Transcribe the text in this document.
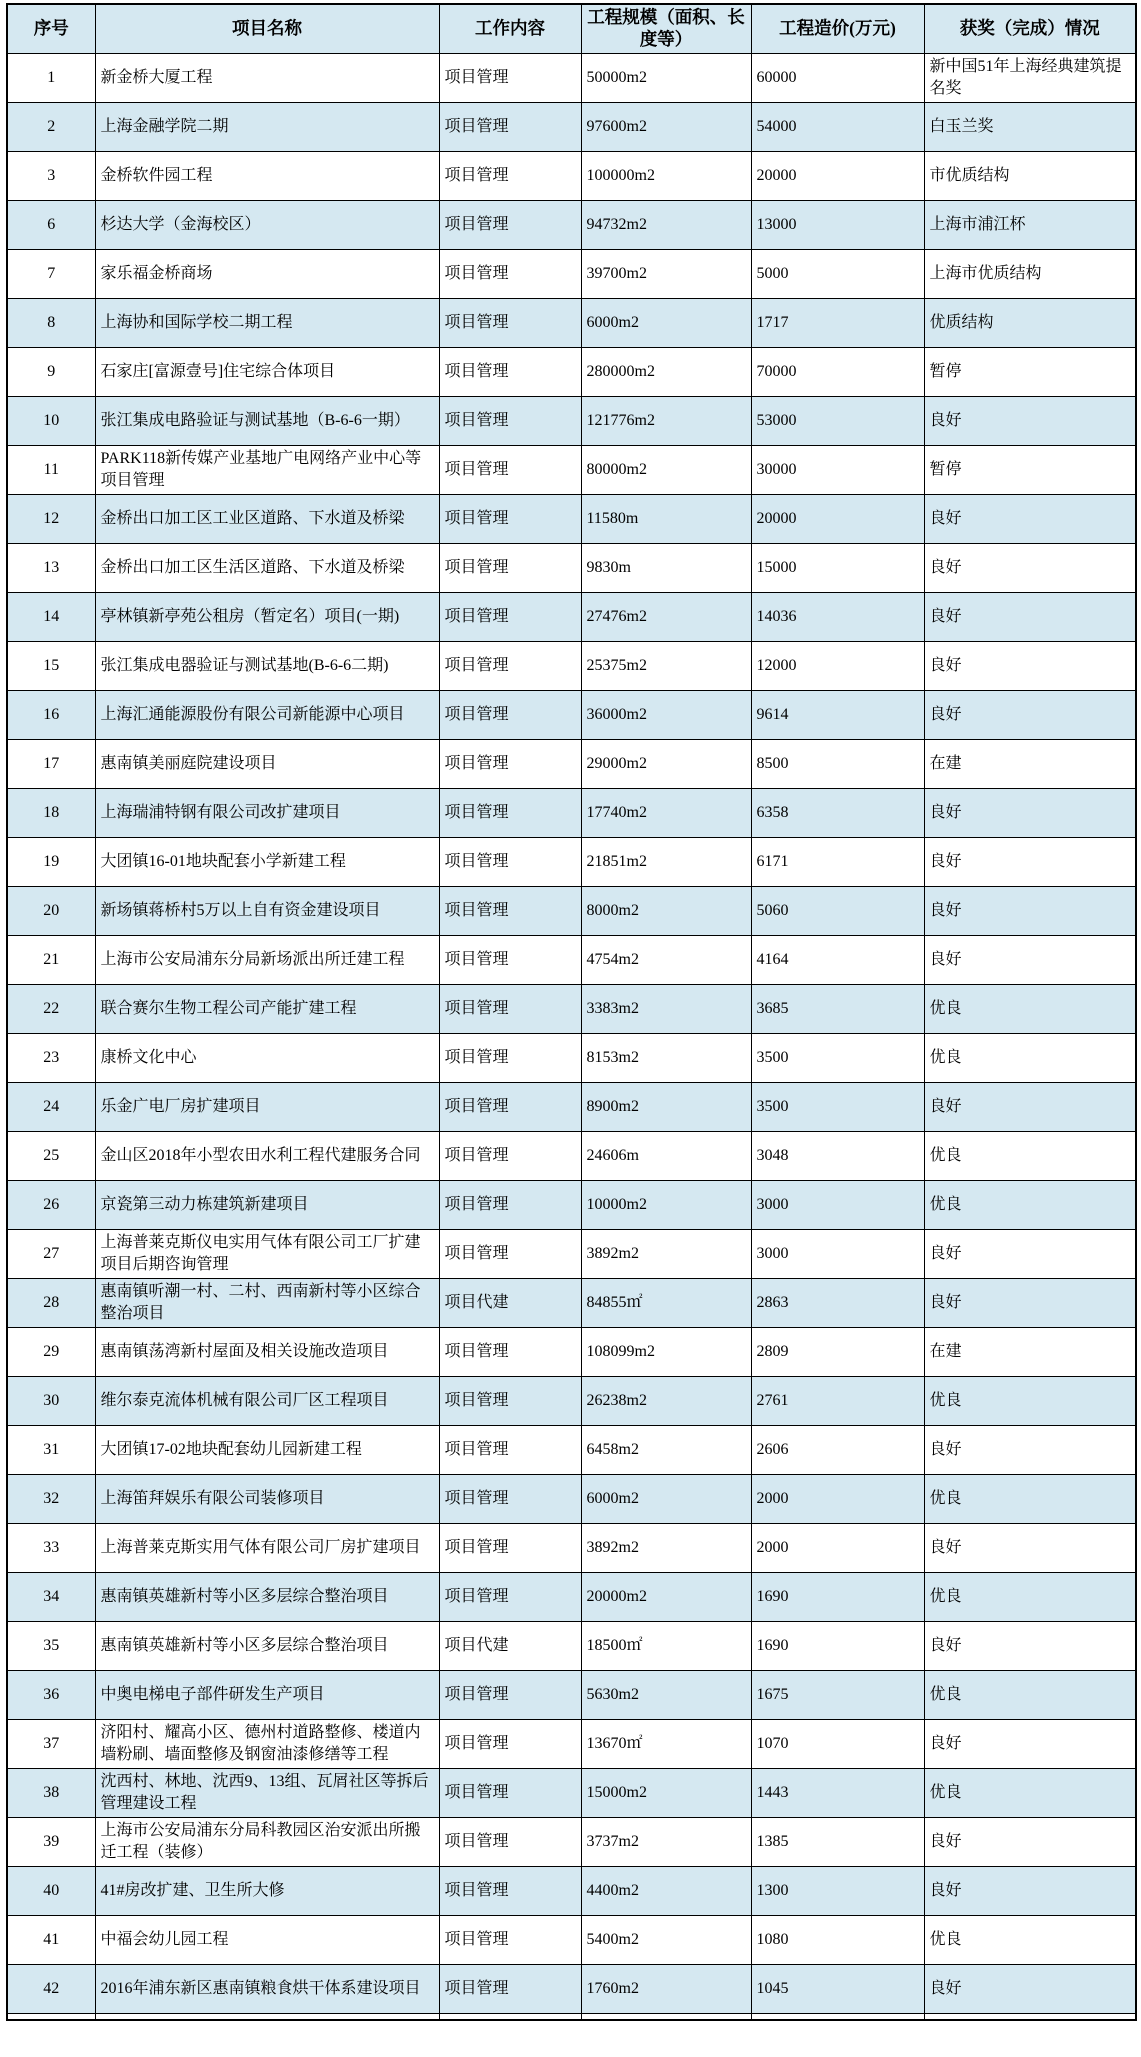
序号	项目名称	工作内容	工程规模（面积、长度等）	工程造价(万元)	获奖（完成）情况
1	新金桥大厦工程	项目管理	50000m2	60000	新中国51年上海经典建筑提名奖
2	上海金融学院二期	项目管理	97600m2	54000	白玉兰奖
3	金桥软件园工程	项目管理	100000m2	20000	市优质结构
6	杉达大学（金海校区）	项目管理	94732m2	13000	上海市浦江杯
7	家乐福金桥商场	项目管理	39700m2	5000	上海市优质结构
8	上海协和国际学校二期工程	项目管理	6000m2	1717	优质结构
9	石家庄[富源壹号]住宅综合体项目	项目管理	280000m2	70000	暂停
10	张江集成电路验证与测试基地（B-6-6一期）	项目管理	121776m2	53000	良好
11	PARK118新传媒产业基地广电网络产业中心等项目管理	项目管理	80000m2	30000	暂停
12	金桥出口加工区工业区道路、下水道及桥梁	项目管理	11580m	20000	良好
13	金桥出口加工区生活区道路、下水道及桥梁	项目管理	9830m	15000	良好
14	亭林镇新亭苑公租房（暂定名）项目(一期)	项目管理	27476m2	14036	良好
15	张江集成电器验证与测试基地(B-6-6二期)	项目管理	25375m2	12000	良好
16	上海汇通能源股份有限公司新能源中心项目	项目管理	36000m2	9614	良好
17	惠南镇美丽庭院建设项目	项目管理	29000m2	8500	在建
18	上海瑞浦特钢有限公司改扩建项目	项目管理	17740m2	6358	良好
19	大团镇16-01地块配套小学新建工程	项目管理	21851m2	6171	良好
20	新场镇蒋桥村5万以上自有资金建设项目	项目管理	8000m2	5060	良好
21	上海市公安局浦东分局新场派出所迁建工程	项目管理	4754m2	4164	良好
22	联合赛尔生物工程公司产能扩建工程	项目管理	3383m2	3685	优良
23	康桥文化中心	项目管理	8153m2	3500	优良
24	乐金广电厂房扩建项目	项目管理	8900m2	3500	良好
25	金山区2018年小型农田水利工程代建服务合同	项目管理	24606m	3048	优良
26	京瓷第三动力栋建筑新建项目	项目管理	10000m2	3000	优良
27	上海普莱克斯仪电实用气体有限公司工厂扩建项目后期咨询管理	项目管理	3892m2	3000	良好
28	惠南镇听潮一村、二村、西南新村等小区综合整治项目	项目代建	84855㎡	2863	良好
29	惠南镇荡湾新村屋面及相关设施改造项目	项目管理	108099m2	2809	在建
30	维尔泰克流体机械有限公司厂区工程项目	项目管理	26238m2	2761	优良
31	大团镇17-02地块配套幼儿园新建工程	项目管理	6458m2	2606	良好
32	上海笛拜娱乐有限公司装修项目	项目管理	6000m2	2000	优良
33	上海普莱克斯实用气体有限公司厂房扩建项目	项目管理	3892m2	2000	良好
34	惠南镇英雄新村等小区多层综合整治项目	项目管理	20000m2	1690	优良
35	惠南镇英雄新村等小区多层综合整治项目	项目代建	18500㎡	1690	良好
36	中奥电梯电子部件研发生产项目	项目管理	5630m2	1675	优良
37	济阳村、耀高小区、德州村道路整修、楼道内墙粉刷、墙面整修及钢窗油漆修缮等工程	项目管理	13670㎡	1070	良好
38	沈西村、林地、沈西9、13组、瓦屑社区等拆后管理建设工程	项目管理	15000m2	1443	优良
39	上海市公安局浦东分局科教园区治安派出所搬迁工程（装修）	项目管理	3737m2	1385	良好
40	41#房改扩建、卫生所大修	项目管理	4400m2	1300	良好
41	中福会幼儿园工程	项目管理	5400m2	1080	优良
42	2016年浦东新区惠南镇粮食烘干体系建设项目	项目管理	1760m2	1045	良好
